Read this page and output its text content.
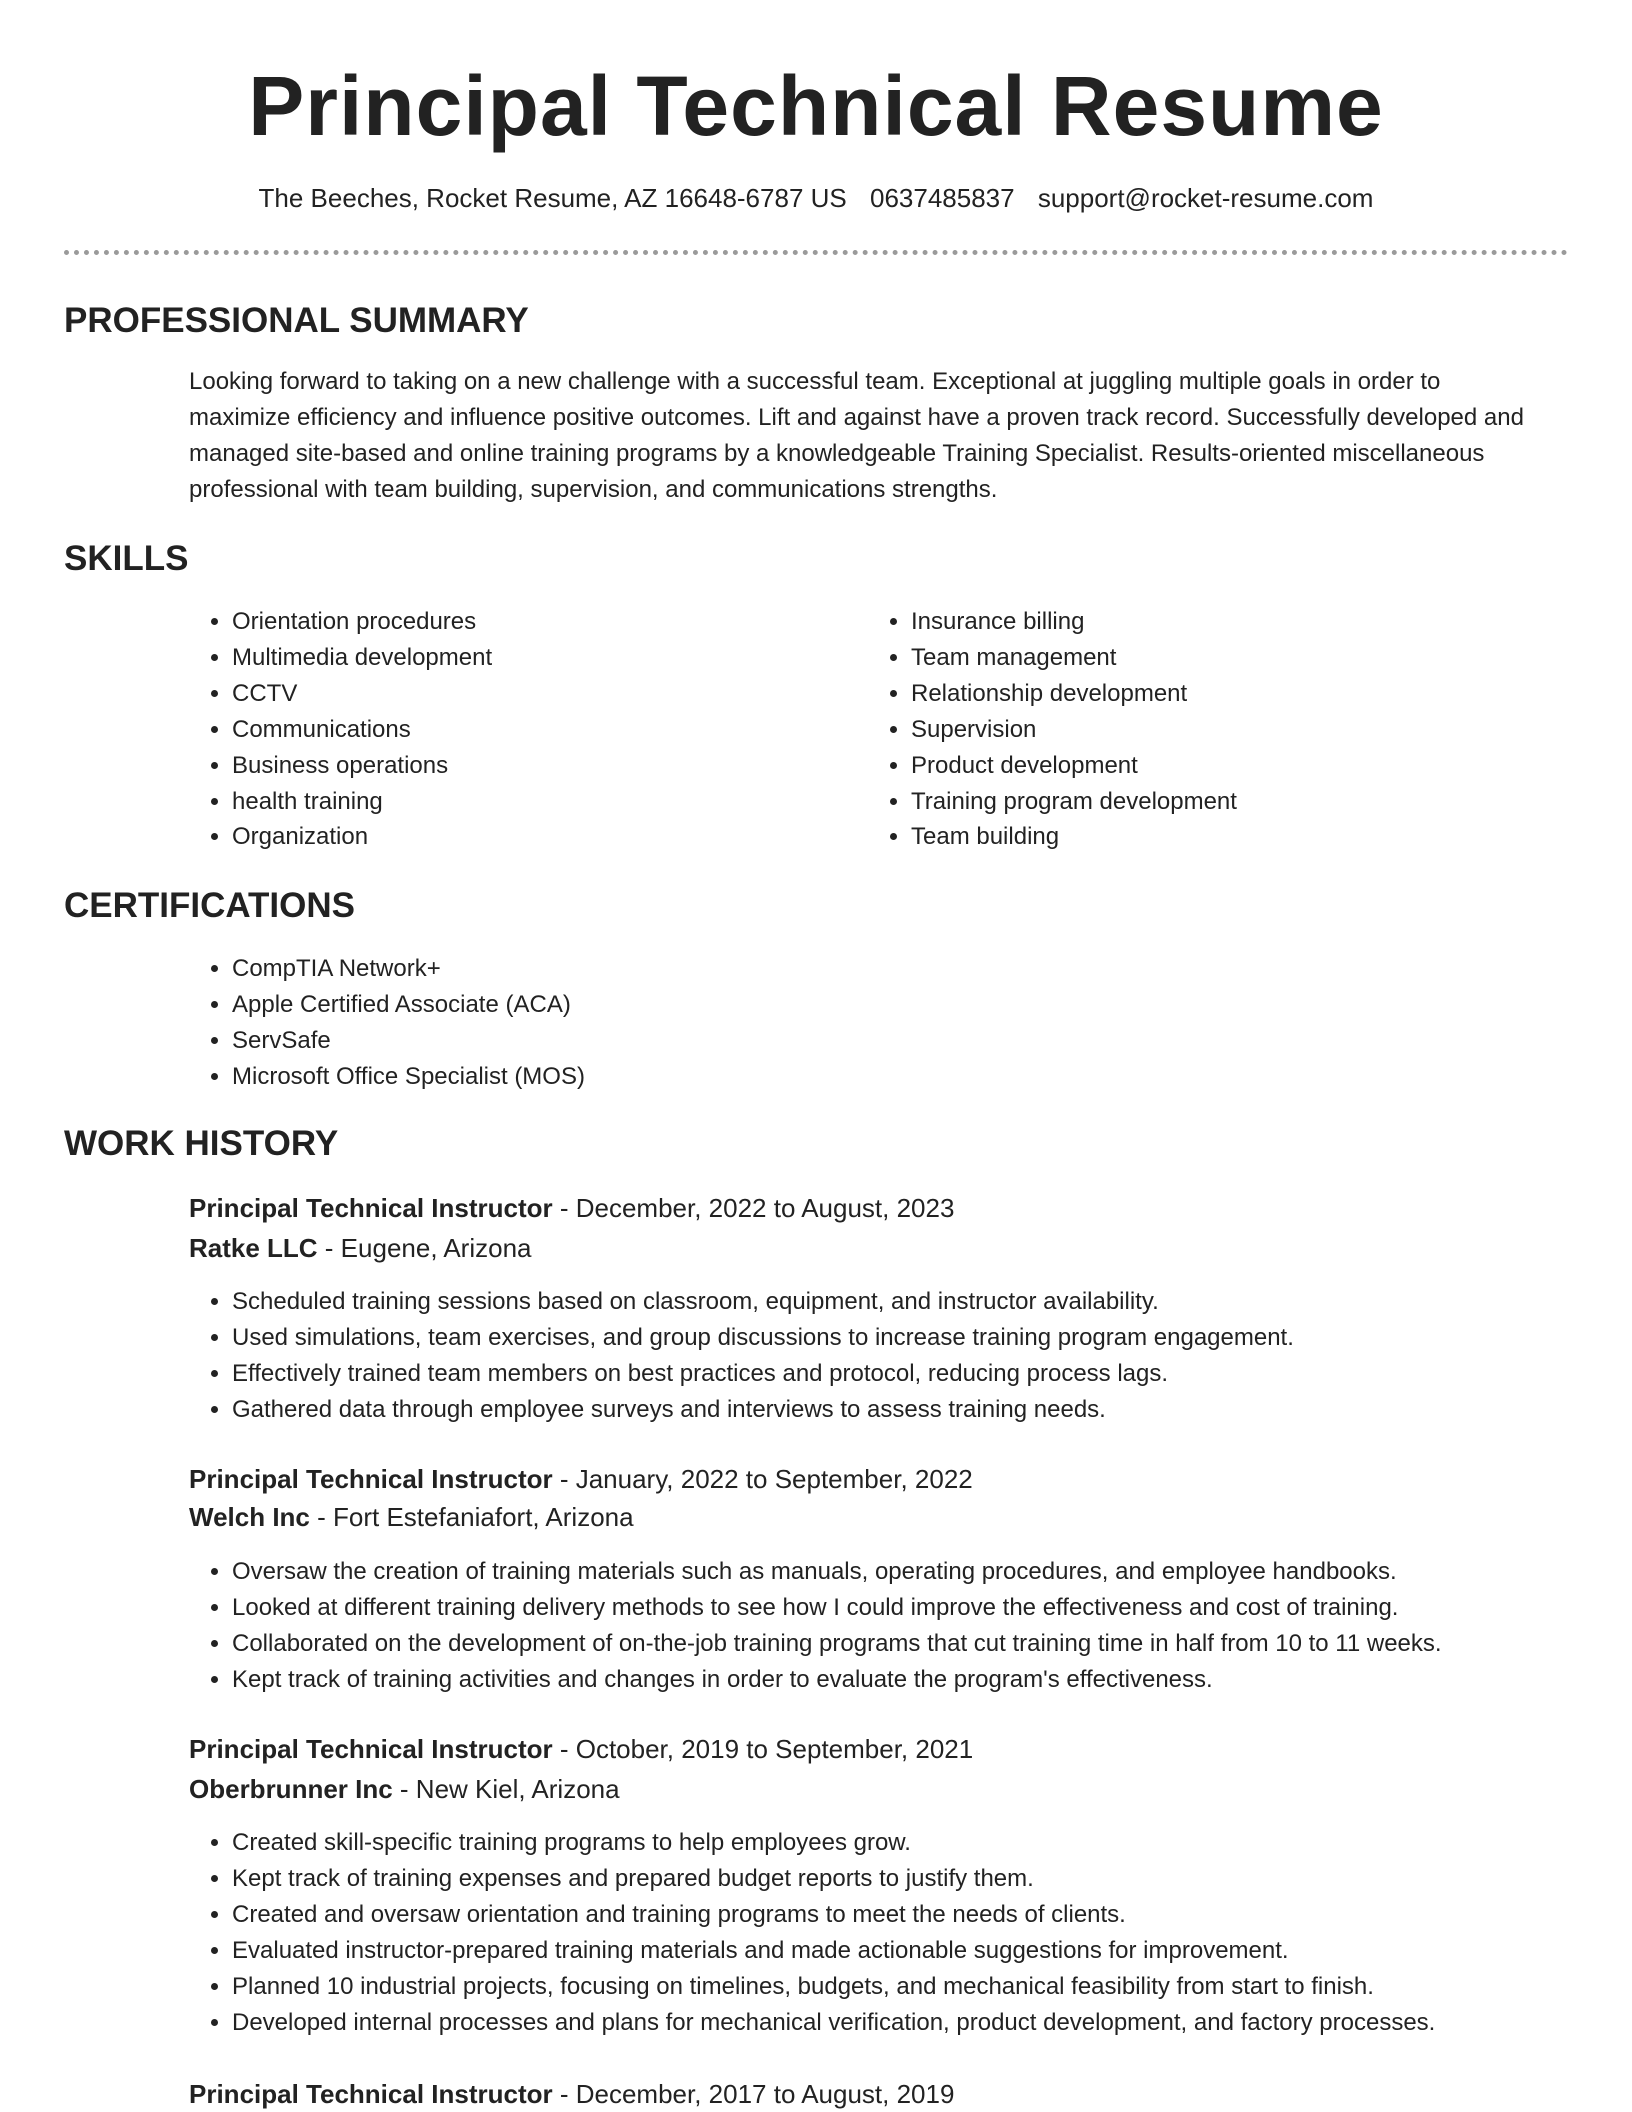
Principal Technical Resume
The Beeches, Rocket Resume, AZ 16648-6787 US 0637485837 support@rocket-resume.com
PROFESSIONAL SUMMARY

Looking forward to taking on a new challenge with a successful team. Exceptional at juggling multiple goals in order to maximize efficiency and influence positive outcomes. Lift and against have a proven track record. Successfully developed and managed site-based and online training programs by a knowledgeable Training Specialist. Results-oriented miscellaneous professional with team building, supervision, and communications strengths.

SKILLS
• Orientation procedures
• Multimedia development
• CCTV
• Communications
• Business operations
• health training
• Organization
• Insurance billing
• Team management
• Relationship development
• Supervision
• Product development
• Training program development
• Team building
CERTIFICATIONS
• CompTIA Network+
• Apple Certified Associate (ACA)
• ServSafe
• Microsoft Office Specialist (MOS)
WORK HISTORY
Principal Technical Instructor - December, 2022 to August, 2023
Ratke LLC - Eugene, Arizona
• Scheduled training sessions based on classroom, equipment, and instructor availability.
• Used simulations, team exercises, and group discussions to increase training program engagement.
• Effectively trained team members on best practices and protocol, reducing process lags.
• Gathered data through employee surveys and interviews to assess training needs.
Principal Technical Instructor - January, 2022 to September, 2022
Welch Inc - Fort Estefaniafort, Arizona
• Oversaw the creation of training materials such as manuals, operating procedures, and employee handbooks.
• Looked at different training delivery methods to see how I could improve the effectiveness and cost of training.
• Collaborated on the development of on-the-job training programs that cut training time in half from 10 to 11 weeks.
• Kept track of training activities and changes in order to evaluate the program's effectiveness.
Principal Technical Instructor - October, 2019 to September, 2021
Oberbrunner Inc - New Kiel, Arizona
• Created skill-specific training programs to help employees grow.
• Kept track of training expenses and prepared budget reports to justify them.
• Created and oversaw orientation and training programs to meet the needs of clients.
• Evaluated instructor-prepared training materials and made actionable suggestions for improvement.
• Planned 10 industrial projects, focusing on timelines, budgets, and mechanical feasibility from start to finish.
• Developed internal processes and plans for mechanical verification, product development, and factory processes.
Principal Technical Instructor - December, 2017 to August, 2019
